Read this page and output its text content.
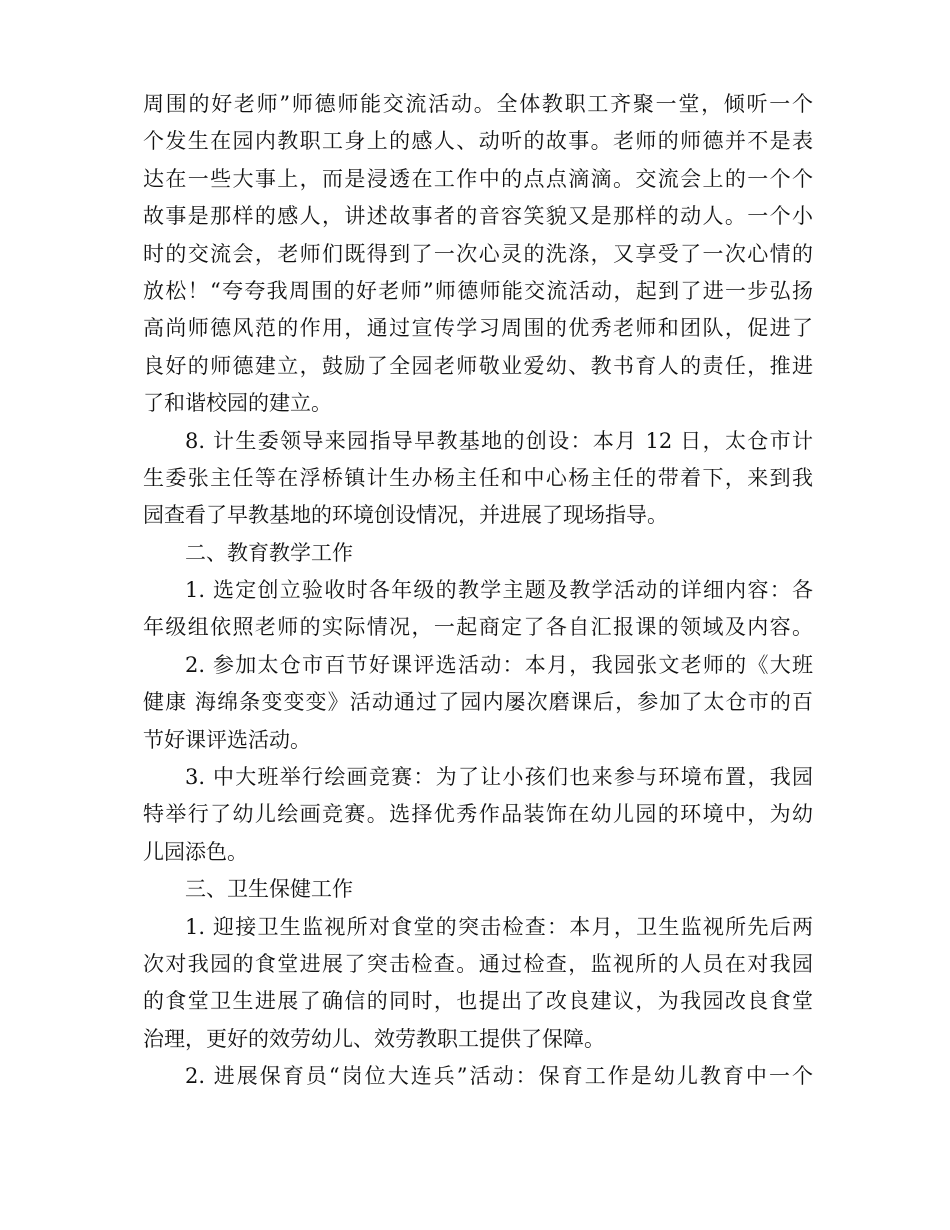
周围的好老师”师德师能交流活动。全体教职工齐聚一堂，倾听一个
个发生在园内教职工身上的感人、动听的故事。老师的师德并不是表
达在一些大事上，而是浸透在工作中的点点滴滴。交流会上的一个个
故事是那样的感人，讲述故事者的音容笑貌又是那样的动人。一个小
时的交流会，老师们既得到了一次心灵的洗涤，又享受了一次心情的
放松！“夸夸我周围的好老师”师德师能交流活动，起到了进一步弘扬
高尚师德风范的作用，通过宣传学习周围的优秀老师和团队，促进了
良好的师德建立，鼓励了全园老师敬业爱幼、教书育人的责任，推进
了和谐校园的建立。
8. 计生委领导来园指导早教基地的创设：本月 12 日，太仓市计
生委张主任等在浮桥镇计生办杨主任和中心杨主任的带着下，来到我
园查看了早教基地的环境创设情况，并进展了现场指导。
二、教育教学工作
1. 选定创立验收时各年级的教学主题及教学活动的详细内容：各
年级组依照老师的实际情况，一起商定了各自汇报课的领域及内容。
2. 参加太仓市百节好课评选活动：本月，我园张文老师的《大班
健康 海绵条变变变》活动通过了园内屡次磨课后，参加了太仓市的百
节好课评选活动。
3. 中大班举行绘画竞赛：为了让小孩们也来参与环境布置，我园
特举行了幼儿绘画竞赛。选择优秀作品装饰在幼儿园的环境中，为幼
儿园添色。
三、卫生保健工作
1. 迎接卫生监视所对食堂的突击检查：本月，卫生监视所先后两
次对我园的食堂进展了突击检查。通过检查，监视所的人员在对我园
的食堂卫生进展了确信的同时，也提出了改良建议，为我园改良食堂
治理，更好的效劳幼儿、效劳教职工提供了保障。
2. 进展保育员“岗位大连兵”活动：保育工作是幼儿教育中一个
